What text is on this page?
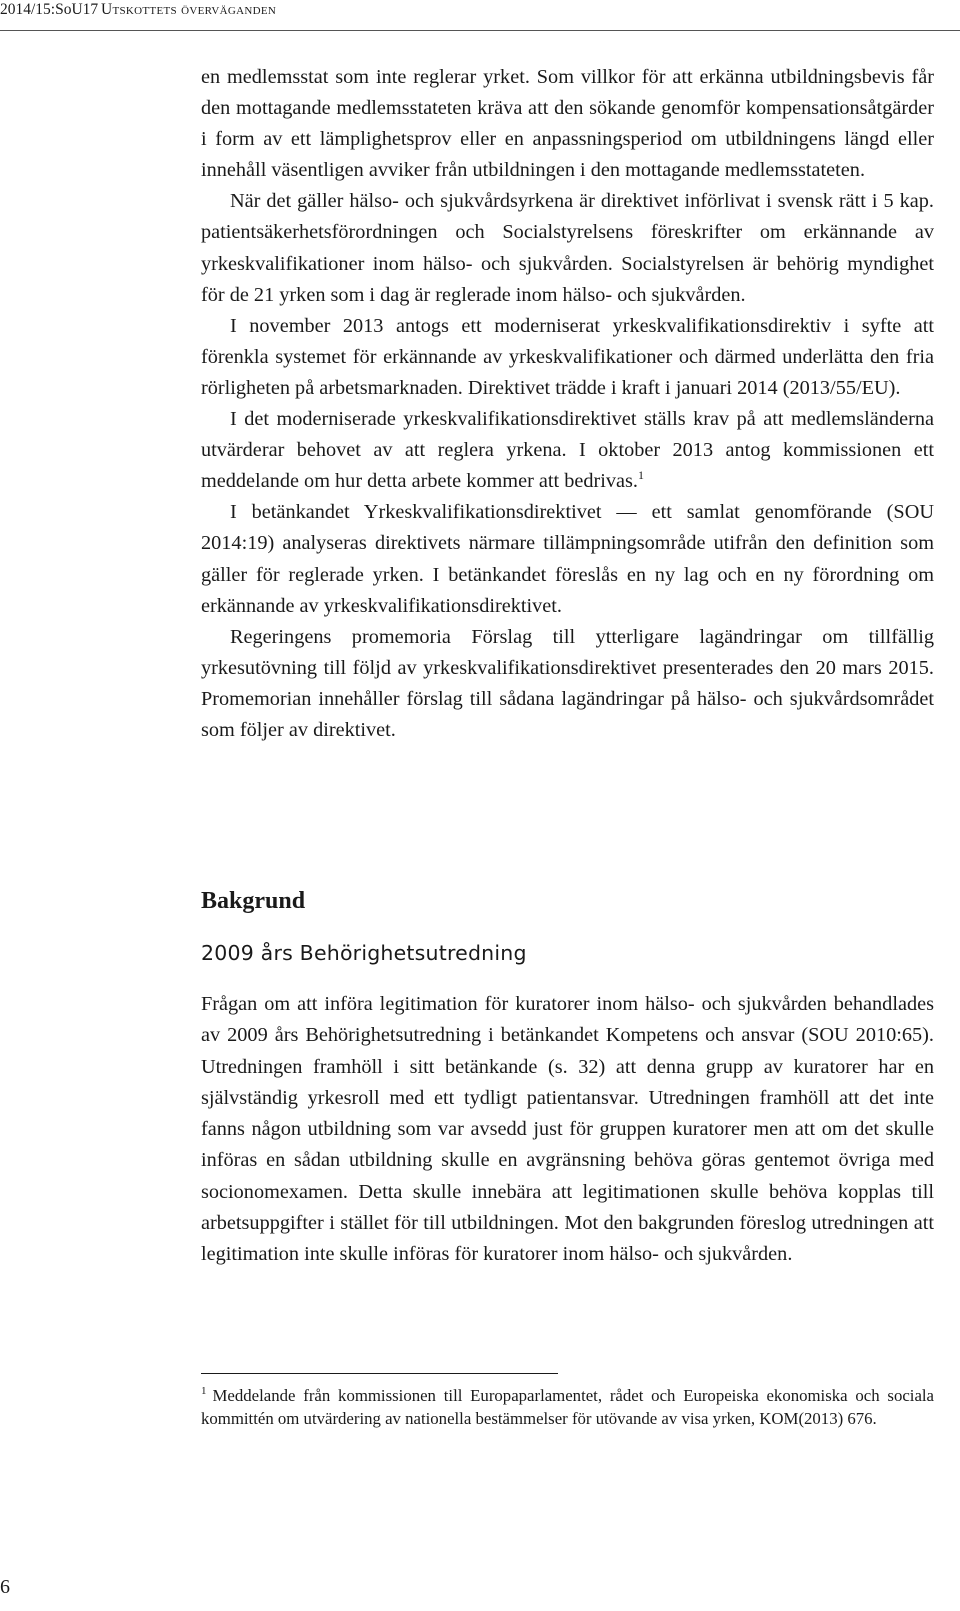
2014/15:SoU17 Utskottets överväganden

en medlemsstat som inte reglerar yrket. Som villkor för att erkänna utbildningsbevis får den mottagande medlemsstateten kräva att den sökande genomför kompensationsåtgärder i form av ett lämplighetsprov eller en anpassningsperiod om utbildningens längd eller innehåll väsentligen avviker från utbildningen i den mottagande medlemsstateten.

När det gäller hälso- och sjukvårdsyrkena är direktivet införlivat i svensk rätt i 5 kap. patientsäkerhetsförordningen och Socialstyrelsens föreskrifter om erkännande av yrkeskvalifikationer inom hälso- och sjukvården. Socialstyrelsen är behörig myndighet för de 21 yrken som i dag är reglerade inom hälso- och sjukvården.

I november 2013 antogs ett moderniserat yrkeskvalifikationsdirektiv i syfte att förenkla systemet för erkännande av yrkeskvalifikationer och därmed underlätta den fria rörligheten på arbetsmarknaden. Direktivet trädde i kraft i januari 2014 (2013/55/EU).

I det moderniserade yrkeskvalifikationsdirektivet ställs krav på att medlemsländerna utvärderar behovet av att reglera yrkena. I oktober 2013 antog kommissionen ett meddelande om hur detta arbete kommer att bedrivas.$^1$

I betänkandet Yrkeskvalifikationsdirektivet — ett samlat genomförande (SOU 2014:19) analyseras direktivets närmare tillämpningsområde utifrån den definition som gäller för reglerade yrken. I betänkandet föreslås en ny lag och en ny förordning om erkännande av yrkeskvalifikationsdirektivet.

Regeringens promemoria Förslag till ytterligare lagändringar om tillfällig yrkesutövning till följd av yrkeskvalifikationsdirektivet presenterades den 20 mars 2015. Promemorian innehåller förslag till sådana lagändringar på hälso- och sjukvårdsområdet som följer av direktivet.

Bakgrund
2009 års Behörighetsutredning

Frågan om att införa legitimation för kuratorer inom hälso- och sjukvården behandlades av 2009 års Behörighetsutredning i betänkandet Kompetens och ansvar (SOU 2010:65). Utredningen framhöll i sitt betänkande (s. 32) att denna grupp av kuratorer har en självständig yrkesroll med ett tydligt patientansvar. Utredningen framhöll att det inte fanns någon utbildning som var avsedd just för gruppen kuratorer men att om det skulle införas en sådan utbildning skulle en avgränsning behöva göras gentemot övriga med socionomexamen. Detta skulle innebära att legitimationen skulle behöva kopplas till arbetsuppgifter i stället för till utbildningen. Mot den bakgrunden föreslog utredningen att legitimation inte skulle införas för kuratorer inom hälso- och sjukvården.

$^1$ Meddelande från kommissionen till Europaparlamentet, rådet och Europeiska ekonomiska och sociala kommittén om utvärdering av nationella bestämmelser för utövande av visa yrken, KOM(2013) 676.
6
